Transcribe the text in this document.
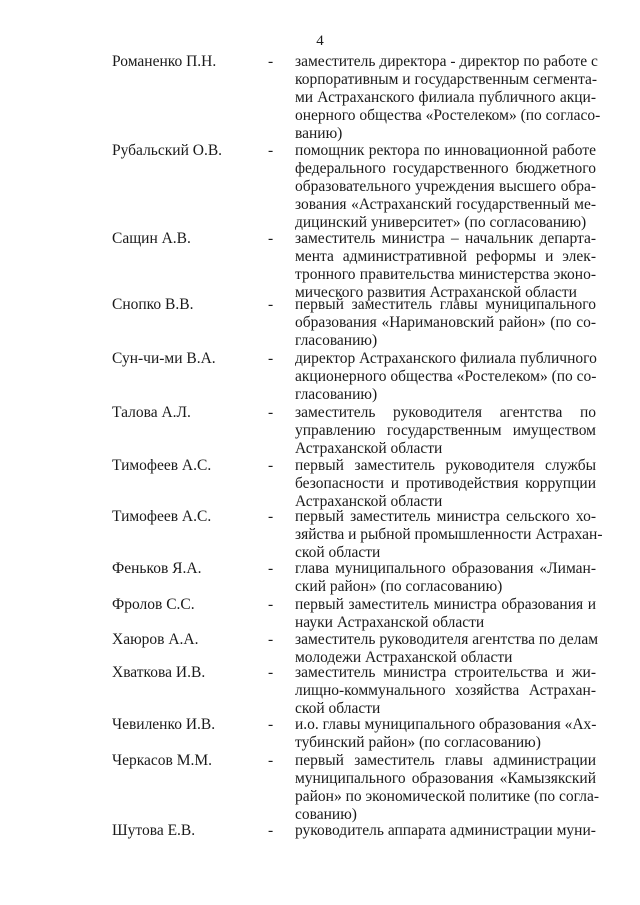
4
Романенко П.Н.	- заместитель директора - директор по работе с
корпоративным и государственным сегмента-
ми Астраханского филиала публичного акци-
онерного общества «Ростелеком» (по согласо-
ванию)
Рубальский О.В.	- помощник ректора по инновационной работе
федерального государственного бюджетного
образовательного учреждения высшего обра-
зования «Астраханский государственный ме-
дицинский университет» (по согласованию)
Сащин А.В.	- заместитель министра – начальник департа-
мента административной реформы и элек-
тронного правительства министерства эконо-
мического развития Астраханской области
Снопко В.В.	- первый заместитель главы муниципального
образования «Наримановский район» (по со-
гласованию)
Сун-чи-ми В.А.	- директор Астраханского филиала публичного
акционерного общества «Ростелеком» (по со-
гласованию)
Талова А.Л.	- заместитель руководителя агентства по
управлению государственным имуществом
Астраханской области
Тимофеев А.С.	- первый заместитель руководителя службы
безопасности и противодействия коррупции
Астраханской области
Тимофеев А.С.	- первый заместитель министра сельского хо-
зяйства и рыбной промышленности Астрахан-
ской области
Феньков Я.А.	- глава муниципального образования «Лиман-
ский район» (по согласованию)
Фролов С.С.	- первый заместитель министра образования и
науки Астраханской области
Хаюров А.А.	- заместитель руководителя агентства по делам
молодежи Астраханской области
Хваткова И.В.	- заместитель министра строительства и жи-
лищно-коммунального хозяйства Астрахан-
ской области
Чевиленко И.В.	- и.о. главы муниципального образования «Ах-
тубинский район» (по согласованию)
Черкасов М.М.	- первый заместитель главы администрации
муниципального образования «Камызякский
район» по экономической политике (по согла-
сованию)
Шутова Е.В.	- руководитель аппарата администрации муни-
